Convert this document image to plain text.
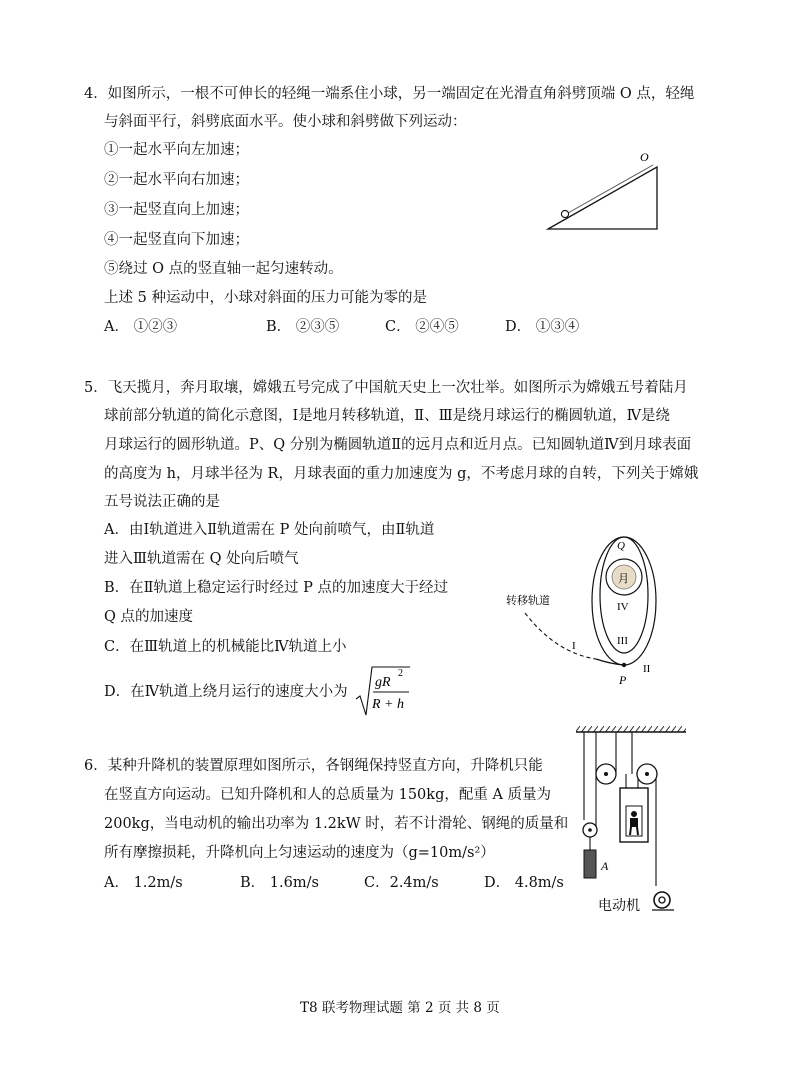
4．如图所示，一根不可伸长的轻绳一端系住小球，另一端固定在光滑直角斜劈顶端 O 点，轻绳
与斜面平行，斜劈底面水平。使小球和斜劈做下列运动：
①一起水平向左加速；
②一起水平向右加速；
③一起竖直向上加速；
④一起竖直向下加速；
⑤绕过 O 点的竖直轴一起匀速转动。
上述 5 种运动中，小球对斜面的压力可能为零的是
A． ①②③	B． ②③⑤	C． ②④⑤	D． ①③④
O
5．飞天揽月，奔月取壤，嫦娥五号完成了中国航天史上一次壮举。如图所示为嫦娥五号着陆月
球前部分轨道的简化示意图，Ⅰ是地月转移轨道，Ⅱ、Ⅲ是绕月球运行的椭圆轨道，Ⅳ是绕
月球运行的圆形轨道。P、Q 分别为椭圆轨道Ⅱ的远月点和近月点。已知圆轨道Ⅳ到月球表面
的高度为 h，月球半径为 R，月球表面的重力加速度为 g，不考虑月球的自转，下列关于嫦娥
五号说法正确的是
A．由Ⅰ轨道进入Ⅱ轨道需在 P 处向前喷气，由Ⅱ轨道
进入Ⅲ轨道需在 Q 处向后喷气
B．在Ⅱ轨道上稳定运行时经过 P 点的加速度大于经过
Q 点的加速度
C．在Ⅲ轨道上的机械能比Ⅳ轨道上小
D．在Ⅳ轨道上绕月运行的速度大小为
gR
2
R + h
月
Q
P
转移轨道
I
II
III
IV
6．某种升降机的装置原理如图所示，各钢绳保持竖直方向，升降机只能
在竖直方向运动。已知升降机和人的总质量为 150kg，配重 A 质量为
200kg，当电动机的输出功率为 1.2kW 时，若不计滑轮、钢绳的质量和
所有摩擦损耗，升降机向上匀速运动的速度为（g=10m/s²）
A． 1.2m/s	B． 1.6m/s	C．2.4m/s	D． 4.8m/s
A
电动机
T8 联考物理试题 第 2 页 共 8 页
